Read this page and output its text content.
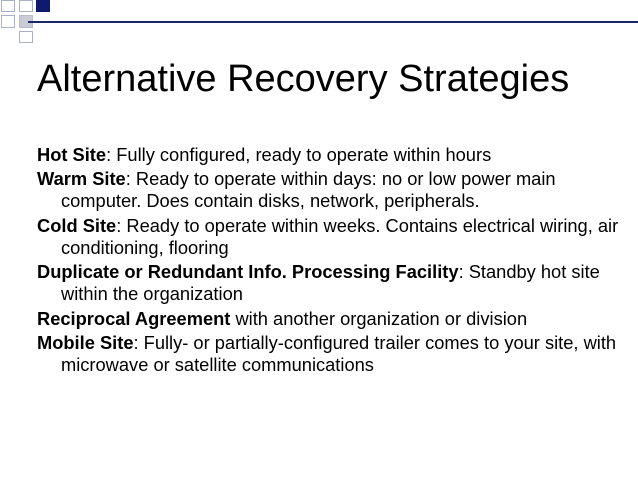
Alternative Recovery Strategies
Hot Site: Fully configured, ready to operate within hours
Warm Site: Ready to operate within days: no or low power main computer. Does contain disks, network, peripherals.
Cold Site: Ready to operate within weeks. Contains electrical wiring, air conditioning, flooring
Duplicate or Redundant Info. Processing Facility: Standby hot site within the organization
Reciprocal Agreement with another organization or division
Mobile Site: Fully- or partially-configured trailer comes to your site, with microwave or satellite communications
